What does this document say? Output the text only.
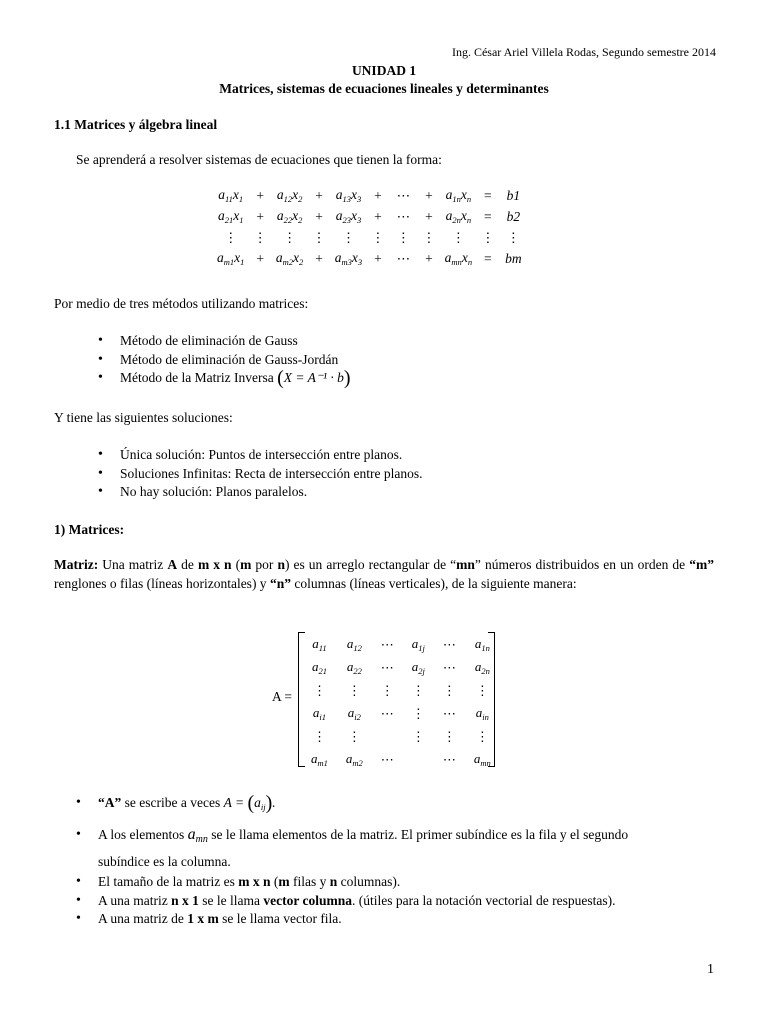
Ing. César Ariel Villela Rodas, Segundo semestre 2014
UNIDAD 1
Matrices, sistemas de ecuaciones lineales y determinantes
1.1 Matrices y álgebra lineal
Se aprenderá a resolver sistemas de ecuaciones que tienen la forma:
$a_{11}x_1$	+	$a_{12}x_2$	+	$a_{13}x_3$	+	⋯	+	$a_{1n}x_n$	=	b1
$a_{21}x_1$	+	$a_{22}x_2$	+	$a_{23}x_3$	+	⋯	+	$a_{2n}x_n$	=	b2
⋮	⋮	⋮	⋮	⋮	⋮	⋮	⋮	⋮	⋮	⋮
$a_{m1}x_1$	+	$a_{m2}x_2$	+	$a_{m3}x_3$	+	⋯	+	$a_{mn}x_n$	=	bm
Por medio de tres métodos utilizando matrices:
• Método de eliminación de Gauss
• Método de eliminación de Gauss-Jordán
• Método de la Matriz Inversa (X = A⁻¹ · b)
Y tiene las siguientes soluciones:
• Única solución: Puntos de intersección entre planos.
• Soluciones Infinitas: Recta de intersección entre planos.
• No hay solución: Planos paralelos.
1) Matrices:
Matriz: Una matriz A de m x n (m por n) es un arreglo rectangular de “mn” números distribuidos en un orden de “m” renglones o filas (líneas horizontales) y “n” columnas (líneas verticales), de la siguiente manera:
A =
$a_{11}$	$a_{12}$	⋯	$a_{1j}$	⋯	$a_{1n}$
$a_{21}$	$a_{22}$	⋯	$a_{2j}$	⋯	$a_{2n}$
⋮	⋮	⋮	⋮	⋮	⋮
$a_{i1}$	$a_{i2}$	⋯	⋮	⋯	$a_{in}$
⋮	⋮		⋮	⋮	⋮
$a_{m1}$	$a_{m2}$	⋯		⋯	$a_{mn}$
• “A” se escribe a veces $A = (a_{ij})$.
• A los elementos $a_{mn}$ se le llama elementos de la matriz. El primer subíndice es la fila y el segundo
subíndice es la columna.
• El tamaño de la matriz es m x n (m filas y n columnas).
• A una matriz n x 1 se le llama vector columna. (útiles para la notación vectorial de respuestas).
• A una matriz de 1 x m se le llama vector fila.
1
